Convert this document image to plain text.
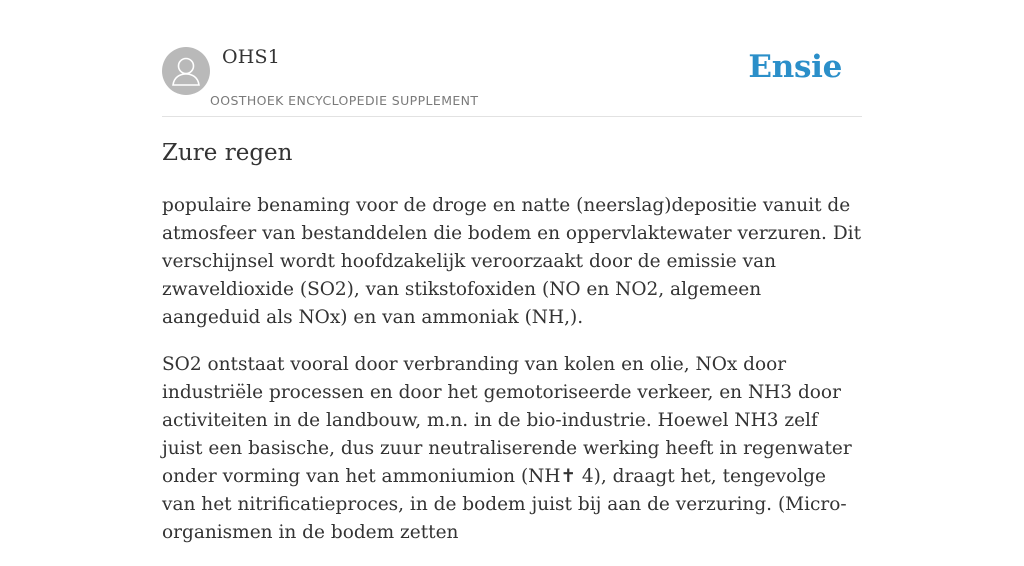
OHS1
OOSTHOEK ENCYCLOPEDIE SUPPLEMENT
Ensie
Zure regen

populaire benaming voor de droge en natte (neerslag)depositie vanuit de atmosfeer van bestanddelen die bodem en oppervlaktewater verzuren. Dit verschijnsel wordt hoofdzakelijk veroorzaakt door de emissie van zwaveldioxide (SO2), van stikstofoxiden (NO en NO2, algemeen aangeduid als NOx) en van ammoniak (NH,).

SO2 ontstaat vooral door verbranding van kolen en olie, NOx door industriële processen en door het gemotoriseerde verkeer, en NH3 door activiteiten in de landbouw, m.n. in de bio-industrie. Hoewel NH3 zelf juist een basische, dus zuur neutraliserende werking heeft in regenwater onder vorming van het ammoniumion (NH✝ 4), draagt het, tengevolge van het nitrificatieproces, in de bodem juist bij aan de verzuring. (Micro-organismen in de bodem zetten
